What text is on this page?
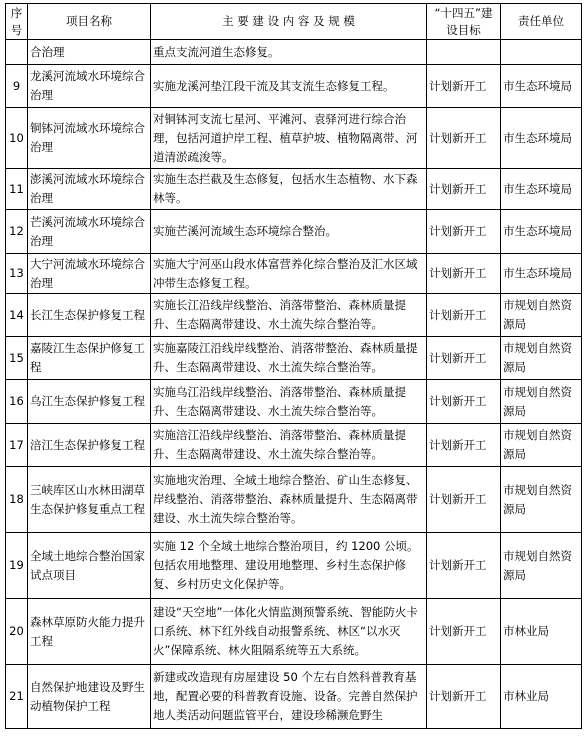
序号	项目名称	主 要 建 设 内 容 及 规 模	“十四五”建设目标	责任单位
	合治理	重点支流河道生态修复。		
9	龙溪河流域水环境综合治理	实施龙溪河垫江段干流及其支流生态修复工程。	计划新开工	市生态环境局
10	铜钵河流域水环境综合治理	对铜钵河支流七星河、平滩河、袁驿河进行综合治理，包括河道护岸工程、植草护坡、植物隔离带、河道清淤疏浚等。	计划新开工	市生态环境局
11	澎溪河流域水环境综合治理	实施生态拦截及生态修复，包括水生态植物、水下森林等。	计划新开工	市生态环境局
12	芒溪河流域水环境综合治理	实施芒溪河流域生态环境综合整治。	计划新开工	市生态环境局
13	大宁河流域水环境综合治理	实施大宁河巫山段水体富营养化综合整治及汇水区域冲带生态修复工程。	计划新开工	市生态环境局
14	长江生态保护修复工程	实施长江沿线岸线整治、消落带整治、森林质量提升、生态隔离带建设、水土流失综合整治等。	计划新开工	市规划自然资源局
15	嘉陵江生态保护修复工程	实施嘉陵江沿线岸线整治、消落带整治、森林质量提升、生态隔离带建设、水土流失综合整治等。	计划新开工	市规划自然资源局
16	乌江生态保护修复工程	实施乌江沿线岸线整治、消落带整治、森林质量提升、生态隔离带建设、水土流失综合整治等。	计划新开工	市规划自然资源局
17	涪江生态保护修复工程	实施涪江沿线岸线整治、消落带整治、森林质量提升、生态隔离带建设、水土流失综合整治等。	计划新开工	市规划自然资源局
18	三峡库区山水林田湖草生态保护修复重点工程	实施地灾治理、全域土地综合整治、矿山生态修复、岸线整治、消落带整治、森林质量提升、生态隔离带建设、水土流失综合整治等。	计划新开工	市规划自然资源局
19	全域土地综合整治国家试点项目	实施 12 个全域土地综合整治项目，约 1200 公顷。包括农用地整理、建设用地整理、乡村生态保护修复、乡村历史文化保护等。	计划新开工	市规划自然资源局
20	森林草原防火能力提升工程	建设“天空地”一体化火情监测预警系统、智能防火卡口系统、林下红外线自动报警系统、林区“以水灭火”保障系统、林火阻隔系统等五大系统。	计划新开工	市林业局
21	自然保护地建设及野生动植物保护工程	新建或改造现有房屋建设 50 个左右自然科普教育基地，配置必要的科普教育设施、设备。完善自然保护地人类活动问题监管平台，建设珍稀濒危野生	计划新开工	市林业局
